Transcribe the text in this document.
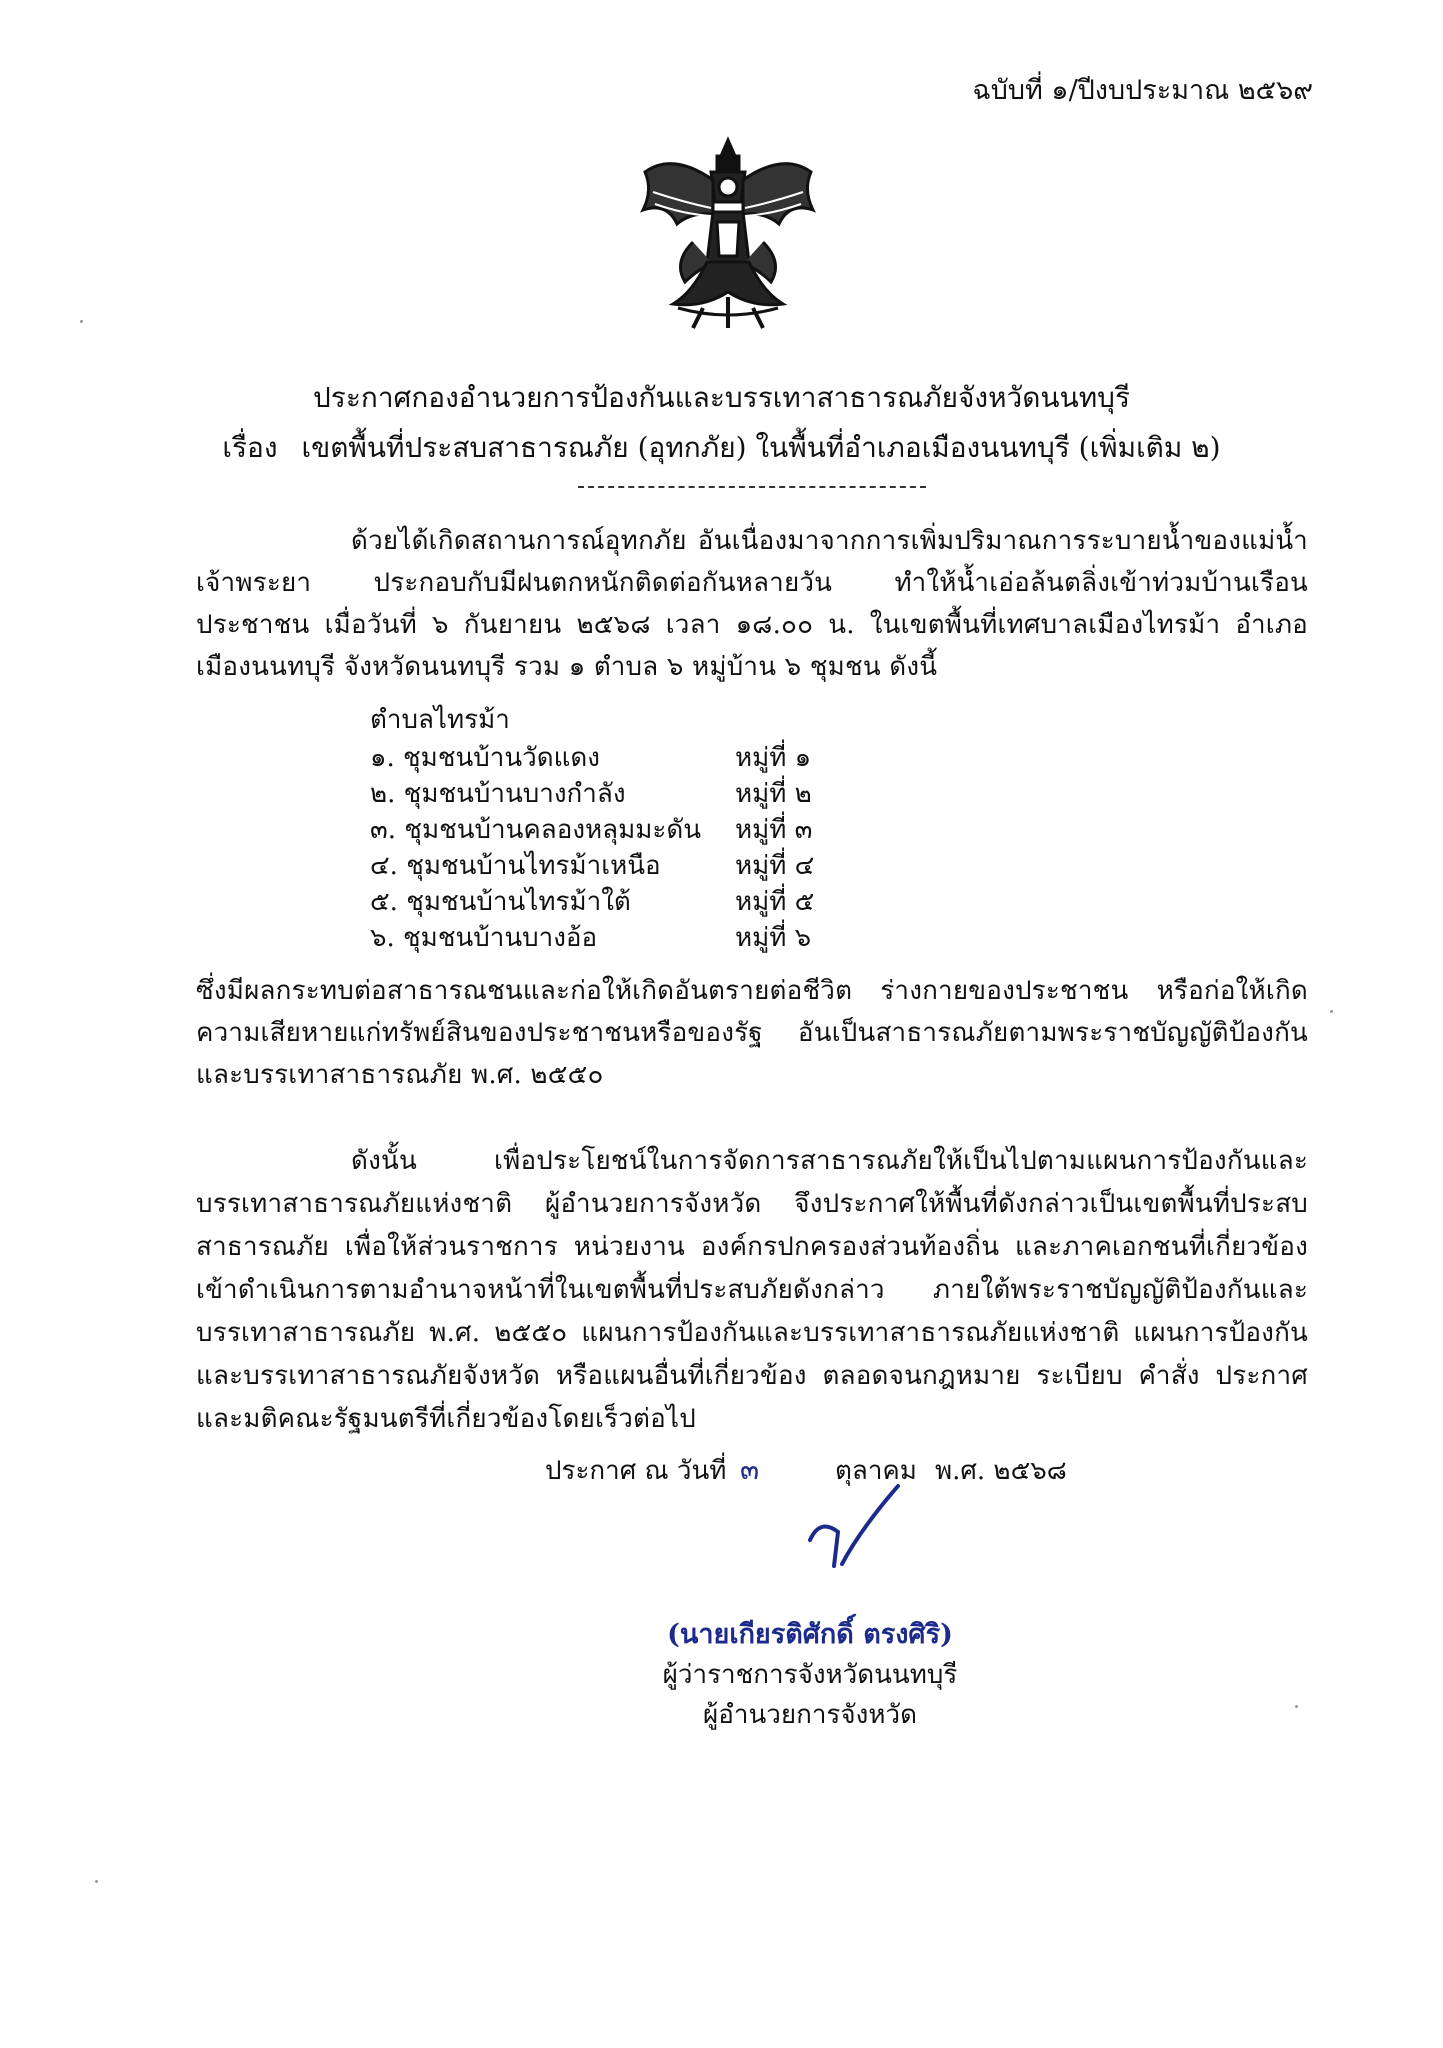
ฉบับที่ ๑/ปีงบประมาณ ๒๕๖๙
ประกาศกองอำนวยการป้องกันและบรรเทาสาธารณภัยจังหวัดนนทบุรี
เรื่อง เขตพื้นที่ประสบสาธารณภัย (อุทกภัย) ในพื้นที่อำเภอเมืองนนทบุรี (เพิ่มเติม ๒)
ด้วยได้เกิดสถานการณ์อุทกภัย อันเนื่องมาจากการเพิ่มปริมาณการระบายน้ำของแม่น้ำเจ้าพระยา ประกอบกับมีฝนตกหนักติดต่อกันหลายวัน ทำให้น้ำเอ่อล้นตลิ่งเข้าท่วมบ้านเรือนประชาชน เมื่อวันที่ ๖ กันยายน ๒๕๖๘ เวลา ๑๘.๐๐ น. ในเขตพื้นที่เทศบาลเมืองไทรม้า อำเภอเมืองนนทบุรี จังหวัดนนทบุรี รวม ๑ ตำบล ๖ หมู่บ้าน ๖ ชุมชน ดังนี้
ตำบลไทรม้า
๑. ชุมชนบ้านวัดแดง	หมู่ที่ ๑
๒. ชุมชนบ้านบางกำลัง	หมู่ที่ ๒
๓. ชุมชนบ้านคลองหลุมมะดัน หมู่ที่ ๓
๔. ชุมชนบ้านไทรม้าเหนือ	หมู่ที่ ๔
๕. ชุมชนบ้านไทรม้าใต้	หมู่ที่ ๕
๖. ชุมชนบ้านบางอ้อ	หมู่ที่ ๖
ซึ่งมีผลกระทบต่อสาธารณชนและก่อให้เกิดอันตรายต่อชีวิต ร่างกายของประชาชน หรือก่อให้เกิดความเสียหายแก่ทรัพย์สินของประชาชนหรือของรัฐ อันเป็นสาธารณภัยตามพระราชบัญญัติป้องกันและบรรเทาสาธารณภัย พ.ศ. ๒๕๕๐
ดังนั้น เพื่อประโยชน์ในการจัดการสาธารณภัยให้เป็นไปตามแผนการป้องกันและบรรเทาสาธารณภัยแห่งชาติ ผู้อำนวยการจังหวัด จึงประกาศให้พื้นที่ดังกล่าวเป็นเขตพื้นที่ประสบสาธารณภัย เพื่อให้ส่วนราชการ หน่วยงาน องค์กรปกครองส่วนท้องถิ่น และภาคเอกชนที่เกี่ยวข้องเข้าดำเนินการตามอำนาจหน้าที่ในเขตพื้นที่ประสบภัยดังกล่าว ภายใต้พระราชบัญญัติป้องกันและบรรเทาสาธารณภัย พ.ศ. ๒๕๕๐ แผนการป้องกันและบรรเทาสาธารณภัยแห่งชาติ แผนการป้องกันและบรรเทาสาธารณภัยจังหวัด หรือแผนอื่นที่เกี่ยวข้อง ตลอดจนกฎหมาย ระเบียบ คำสั่ง ประกาศ และมติคณะรัฐมนตรีที่เกี่ยวข้องโดยเร็วต่อไป
ประกาศ ณ วันที่ ๓	ตุลาคม พ.ศ. ๒๕๖๘
(นายเกียรติศักดิ์ ตรงศิริ)
ผู้ว่าราชการจังหวัดนนทบุรี
ผู้อำนวยการจังหวัด
